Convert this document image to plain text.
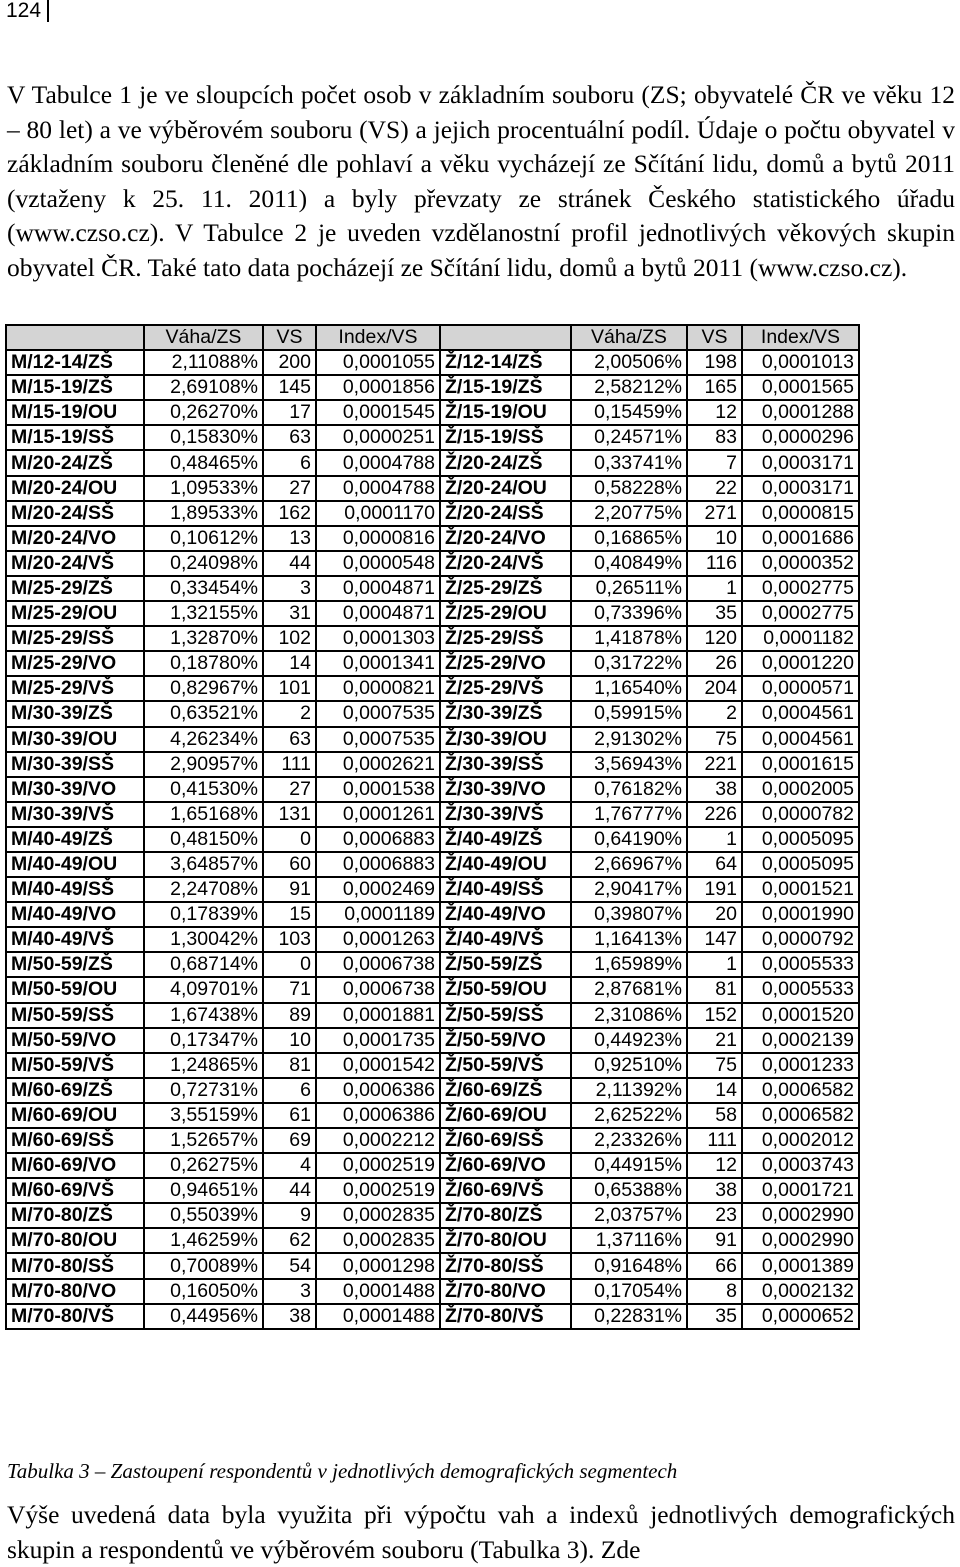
124

V Tabulce 1 je ve sloupcích počet osob v základním souboru (ZS; obyvatelé ČR ve věku 12 – 80 let) a ve výběrovém souboru (VS) a jejich procentuální podíl. Údaje o počtu obyvatel v základním souboru členěné dle pohlaví a věku vycházejí ze Sčítání lidu, domů a bytů 2011 (vztaženy k 25. 11. 2011) a byly převzaty ze stránek Českého statistického úřadu (www.czso.cz). V Tabulce 2 je uveden vzdělanostní profil jednotlivých věkových skupin obyvatel ČR. Také tato data pocházejí ze Sčítání lidu, domů a bytů 2011 (www.czso.cz).

	Váha/ZS	VS	Index/VS		Váha/ZS	VS	Index/VS
M/12-14/ZŠ	2,11088%	200	0,0001055	Ž/12-14/ZŠ	2,00506%	198	0,0001013
M/15-19/ZŠ	2,69108%	145	0,0001856	Ž/15-19/ZŠ	2,58212%	165	0,0001565
M/15-19/OU	0,26270%	17	0,0001545	Ž/15-19/OU	0,15459%	12	0,0001288
M/15-19/SŠ	0,15830%	63	0,0000251	Ž/15-19/SŠ	0,24571%	83	0,0000296
M/20-24/ZŠ	0,48465%	6	0,0004788	Ž/20-24/ZŠ	0,33741%	7	0,0003171
M/20-24/OU	1,09533%	27	0,0004788	Ž/20-24/OU	0,58228%	22	0,0003171
M/20-24/SŠ	1,89533%	162	0,0001170	Ž/20-24/SŠ	2,20775%	271	0,0000815
M/20-24/VO	0,10612%	13	0,0000816	Ž/20-24/VO	0,16865%	10	0,0001686
M/20-24/VŠ	0,24098%	44	0,0000548	Ž/20-24/VŠ	0,40849%	116	0,0000352
M/25-29/ZŠ	0,33454%	3	0,0004871	Ž/25-29/ZŠ	0,26511%	1	0,0002775
M/25-29/OU	1,32155%	31	0,0004871	Ž/25-29/OU	0,73396%	35	0,0002775
M/25-29/SŠ	1,32870%	102	0,0001303	Ž/25-29/SŠ	1,41878%	120	0,0001182
M/25-29/VO	0,18780%	14	0,0001341	Ž/25-29/VO	0,31722%	26	0,0001220
M/25-29/VŠ	0,82967%	101	0,0000821	Ž/25-29/VŠ	1,16540%	204	0,0000571
M/30-39/ZŠ	0,63521%	2	0,0007535	Ž/30-39/ZŠ	0,59915%	2	0,0004561
M/30-39/OU	4,26234%	63	0,0007535	Ž/30-39/OU	2,91302%	75	0,0004561
M/30-39/SŠ	2,90957%	111	0,0002621	Ž/30-39/SŠ	3,56943%	221	0,0001615
M/30-39/VO	0,41530%	27	0,0001538	Ž/30-39/VO	0,76182%	38	0,0002005
M/30-39/VŠ	1,65168%	131	0,0001261	Ž/30-39/VŠ	1,76777%	226	0,0000782
M/40-49/ZŠ	0,48150%	0	0,0006883	Ž/40-49/ZŠ	0,64190%	1	0,0005095
M/40-49/OU	3,64857%	60	0,0006883	Ž/40-49/OU	2,66967%	64	0,0005095
M/40-49/SŠ	2,24708%	91	0,0002469	Ž/40-49/SŠ	2,90417%	191	0,0001521
M/40-49/VO	0,17839%	15	0,0001189	Ž/40-49/VO	0,39807%	20	0,0001990
M/40-49/VŠ	1,30042%	103	0,0001263	Ž/40-49/VŠ	1,16413%	147	0,0000792
M/50-59/ZŠ	0,68714%	0	0,0006738	Ž/50-59/ZŠ	1,65989%	1	0,0005533
M/50-59/OU	4,09701%	71	0,0006738	Ž/50-59/OU	2,87681%	81	0,0005533
M/50-59/SŠ	1,67438%	89	0,0001881	Ž/50-59/SŠ	2,31086%	152	0,0001520
M/50-59/VO	0,17347%	10	0,0001735	Ž/50-59/VO	0,44923%	21	0,0002139
M/50-59/VŠ	1,24865%	81	0,0001542	Ž/50-59/VŠ	0,92510%	75	0,0001233
M/60-69/ZŠ	0,72731%	6	0,0006386	Ž/60-69/ZŠ	2,11392%	14	0,0006582
M/60-69/OU	3,55159%	61	0,0006386	Ž/60-69/OU	2,62522%	58	0,0006582
M/60-69/SŠ	1,52657%	69	0,0002212	Ž/60-69/SŠ	2,23326%	111	0,0002012
M/60-69/VO	0,26275%	4	0,0002519	Ž/60-69/VO	0,44915%	12	0,0003743
M/60-69/VŠ	0,94651%	44	0,0002519	Ž/60-69/VŠ	0,65388%	38	0,0001721
M/70-80/ZŠ	0,55039%	9	0,0002835	Ž/70-80/ZŠ	2,03757%	23	0,0002990
M/70-80/OU	1,46259%	62	0,0002835	Ž/70-80/OU	1,37116%	91	0,0002990
M/70-80/SŠ	0,70089%	54	0,0001298	Ž/70-80/SŠ	0,91648%	66	0,0001389
M/70-80/VO	0,16050%	3	0,0001488	Ž/70-80/VO	0,17054%	8	0,0002132
M/70-80/VŠ	0,44956%	38	0,0001488	Ž/70-80/VŠ	0,22831%	35	0,0000652

Tabulka 3 – Zastoupení respondentů v jednotlivých demografických segmentech

Výše uvedená data byla využita při výpočtu vah a indexů jednotlivých demografických skupin a respondentů ve výběrovém souboru (Tabulka 3). Zde
